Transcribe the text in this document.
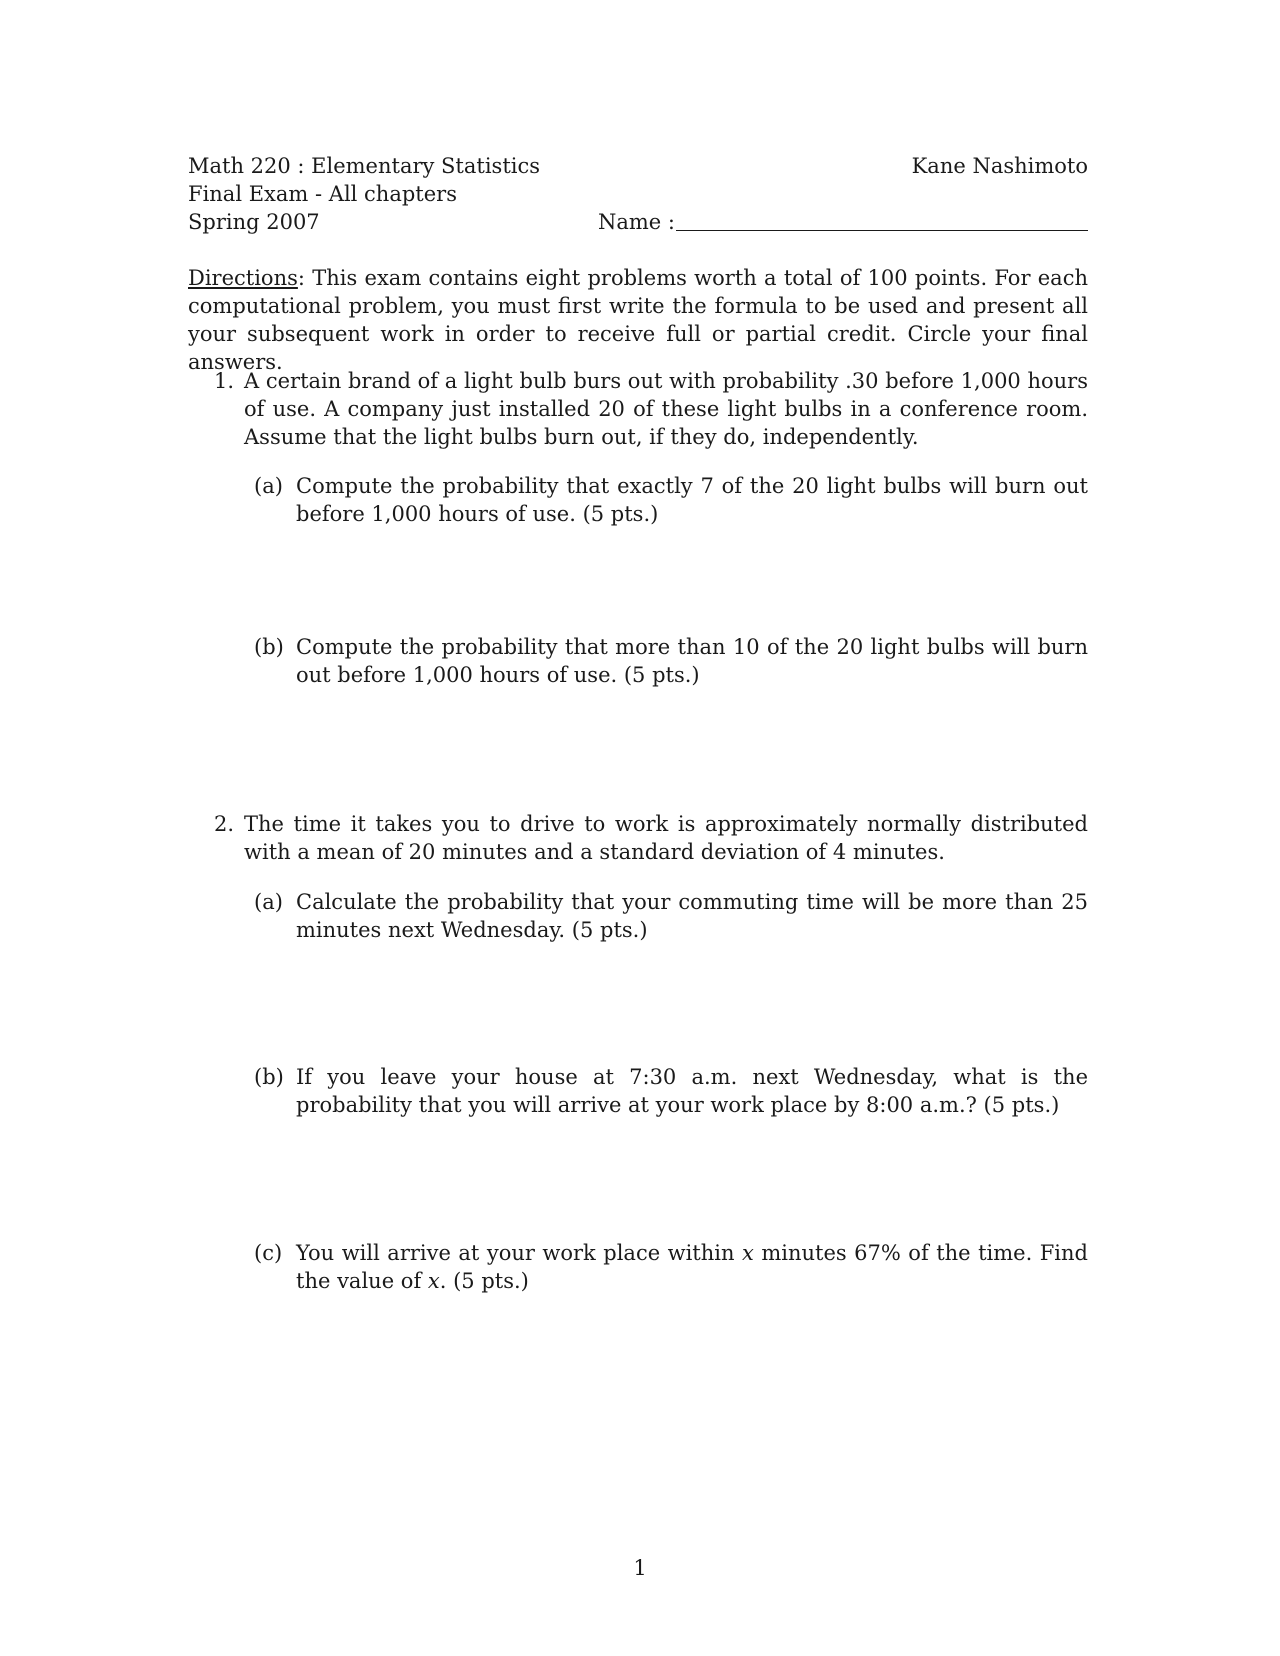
Math 220 : Elementary Statistics
Final Exam - All chapters
Spring 2007
Kane Nashimoto
Name :
Directions: This exam contains eight problems worth a total of 100 points. For each computational problem, you must first write the formula to be used and present all your subsequent work in order to receive full or partial credit. Circle your final answers.
1. A certain brand of a light bulb burs out with probability .30 before 1,000 hours of use. A company just installed 20 of these light bulbs in a conference room. Assume that the light bulbs burn out, if they do, independently.
(a) Compute the probability that exactly 7 of the 20 light bulbs will burn out before 1,000 hours of use. (5 pts.)
(b) Compute the probability that more than 10 of the 20 light bulbs will burn out before 1,000 hours of use. (5 pts.)
2. The time it takes you to drive to work is approximately normally distributed with a mean of 20 minutes and a standard deviation of 4 minutes.
(a) Calculate the probability that your commuting time will be more than 25 minutes next Wednesday. (5 pts.)
(b) If you leave your house at 7:30 a.m. next Wednesday, what is the probability that you will arrive at your work place by 8:00 a.m.? (5 pts.)
(c) You will arrive at your work place within x minutes 67% of the time. Find the value of x. (5 pts.)
1
